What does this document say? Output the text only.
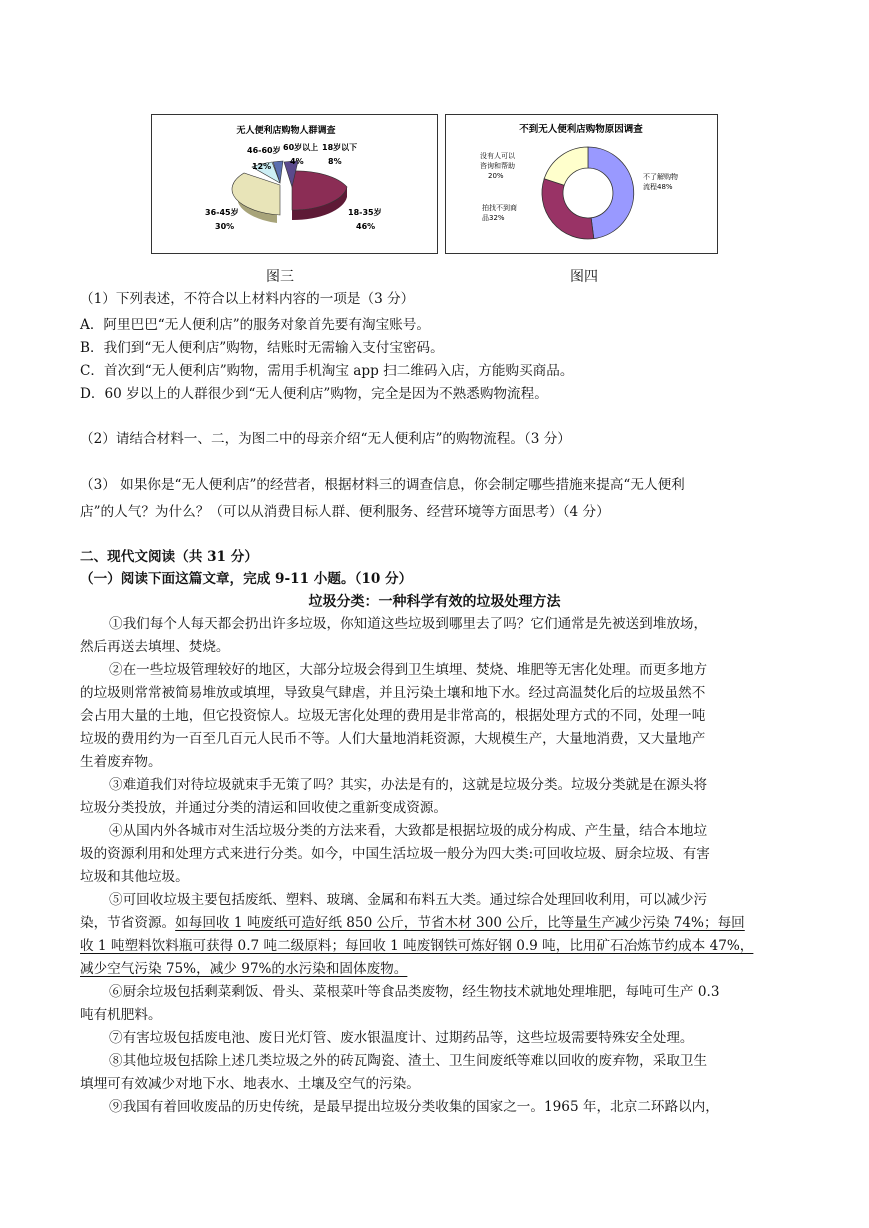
无人便利店购物人群调查
46-60岁
12%
60岁以上
4%
18岁以下
8%
36-45岁
30%
18-35岁
46%
不到无人便利店购物原因调查
没有人可以
咨询和帮助
20%
拍找不到商
品32%
不了解购物
流程48%
图三	图四
（1）下列表述，不符合以上材料内容的一项是（3 分）
A．阿里巴巴“无人便利店”的服务对象首先要有淘宝账号。
B．我们到“无人便利店”购物，结账时无需输入支付宝密码。
C．首次到“无人便利店”购物，需用手机淘宝 app 扫二维码入店，方能购买商品。
D．60 岁以上的人群很少到“无人便利店”购物，完全是因为不熟悉购物流程。
（2）请结合材料一、二，为图二中的母亲介绍“无人便利店”的购物流程。（3 分）
（3） 如果你是“无人便利店”的经营者，根据材料三的调查信息，你会制定哪些措施来提高“无人便利
店”的人气？为什么？（可以从消费目标人群、便利服务、经营环境等方面思考）（4 分）
二、现代文阅读（共 31 分）
（一）阅读下面这篇文章，完成 9-11 小题。（10 分）
垃圾分类：一种科学有效的垃圾处理方法
①我们每个人每天都会扔出许多垃圾，你知道这些垃圾到哪里去了吗？它们通常是先被送到堆放场，
然后再送去填埋、焚烧。
②在一些垃圾管理较好的地区，大部分垃圾会得到卫生填埋、焚烧、堆肥等无害化处理。而更多地方
的垃圾则常常被简易堆放或填埋，导致臭气肆虐，并且污染土壤和地下水。经过高温焚化后的垃圾虽然不
会占用大量的土地，但它投资惊人。垃圾无害化处理的费用是非常高的，根据处理方式的不同，处理一吨
垃圾的费用约为一百至几百元人民币不等。人们大量地消耗资源，大规模生产，大量地消费，又大量地产
生着废弃物。
③难道我们对待垃圾就束手无策了吗？其实，办法是有的，这就是垃圾分类。垃圾分类就是在源头将
垃圾分类投放，并通过分类的清运和回收使之重新变成资源。
④从国内外各城市对生活垃圾分类的方法来看，大致都是根据垃圾的成分构成、产生量，结合本地垃
圾的资源利用和处理方式来进行分类。如今，中国生活垃圾一般分为四大类:可回收垃圾、厨余垃圾、有害
垃圾和其他垃圾。
⑤可回收垃圾主要包括废纸、塑料、玻璃、金属和布料五大类。通过综合处理回收利用，可以减少污
染，节省资源。如每回收 1 吨废纸可造好纸 850 公斤，节省木材 300 公斤，比等量生产减少污染 74%；每回
收 1 吨塑料饮料瓶可获得 0.7 吨二级原料；每回收 1 吨废钢铁可炼好钢 0.9 吨，比用矿石冶炼节约成本 47%，
减少空气污染 75%，减少 97%的水污染和固体废物。
⑥厨余垃圾包括剩菜剩饭、骨头、菜根菜叶等食品类废物，经生物技术就地处理堆肥，每吨可生产 0.3
吨有机肥料。
⑦有害垃圾包括废电池、废日光灯管、废水银温度计、过期药品等，这些垃圾需要特殊安全处理。
⑧其他垃圾包括除上述几类垃圾之外的砖瓦陶瓷、渣土、卫生间废纸等难以回收的废弃物，采取卫生
填埋可有效减少对地下水、地表水、土壤及空气的污染。
⑨我国有着回收废品的历史传统，是最早提出垃圾分类收集的国家之一。1965 年，北京二环路以内，
